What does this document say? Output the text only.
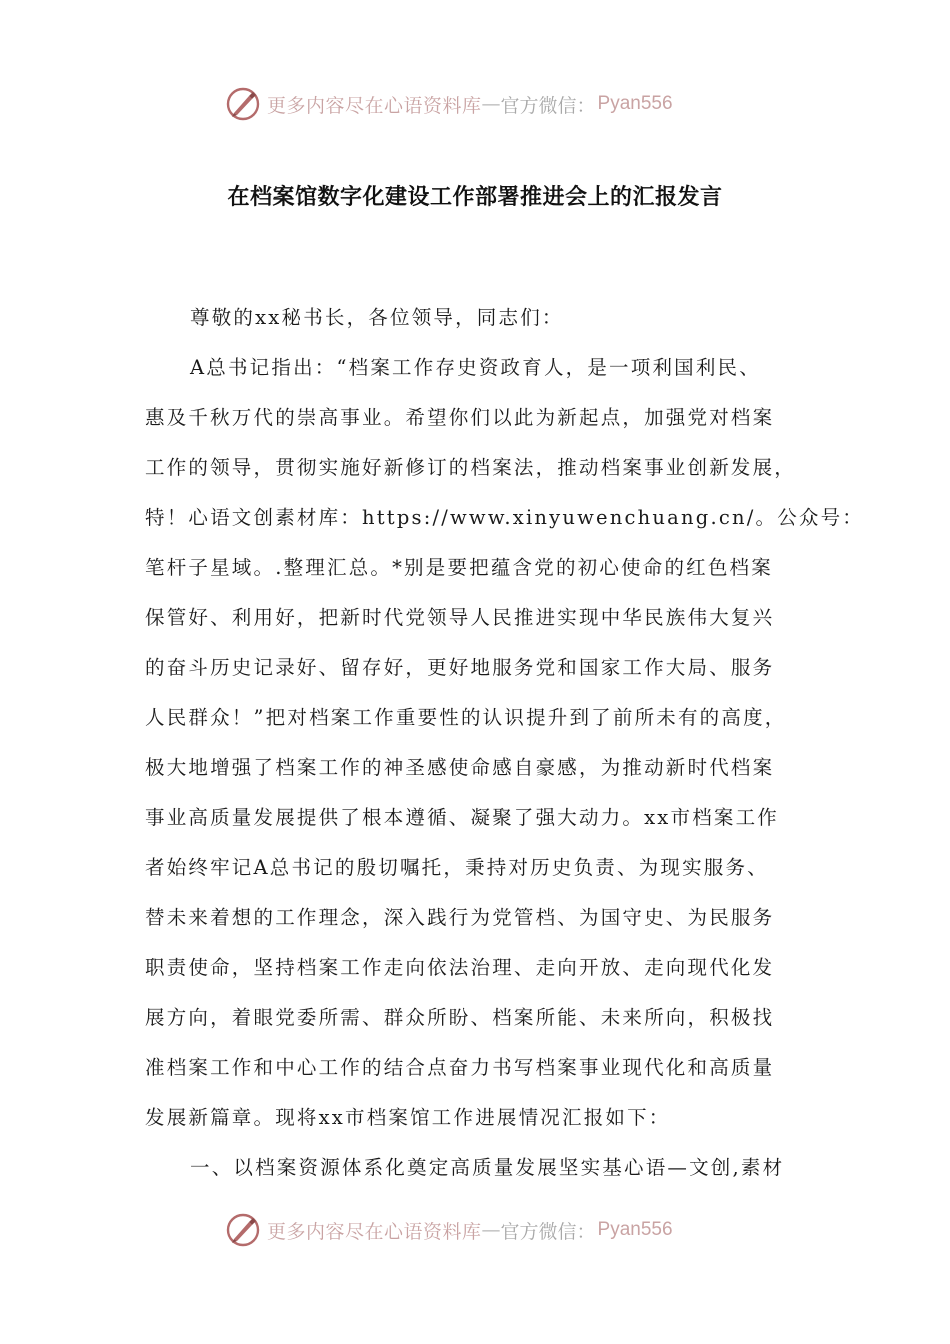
更多内容尽在心语资料库 — 官方微信： Pyan556
在档案馆数字化建设工作部署推进会上的汇报发言
尊敬的xx秘书长，各位领导，同志们：
A总书记指出：“档案工作存史资政育人，是一项利国利民、
惠及千秋万代的崇高事业。希望你们以此为新起点，加强党对档案
工作的领导，贯彻实施好新修订的档案法，推动档案事业创新发展，
特！心语文创素材库：https://www.xinyuwenchuang.cn/。公众号：
笔杆子星域。.整理汇总。*别是要把蕴含党的初心使命的红色档案
保管好、利用好，把新时代党领导人民推进实现中华民族伟大复兴
的奋斗历史记录好、留存好，更好地服务党和国家工作大局、服务
人民群众！”把对档案工作重要性的认识提升到了前所未有的高度，
极大地增强了档案工作的神圣感使命感自豪感，为推动新时代档案
事业高质量发展提供了根本遵循、凝聚了强大动力。xx市档案工作
者始终牢记A总书记的殷切嘱托，秉持对历史负责、为现实服务、
替未来着想的工作理念，深入践行为党管档、为国守史、为民服务
职责使命，坚持档案工作走向依法治理、走向开放、走向现代化发
展方向，着眼党委所需、群众所盼、档案所能、未来所向，积极找
准档案工作和中心工作的结合点奋力书写档案事业现代化和高质量
发展新篇章。现将xx市档案馆工作进展情况汇报如下：
一、以档案资源体系化奠定高质量发展坚实基心语—文创,素材
更多内容尽在心语资料库 — 官方微信： Pyan556
